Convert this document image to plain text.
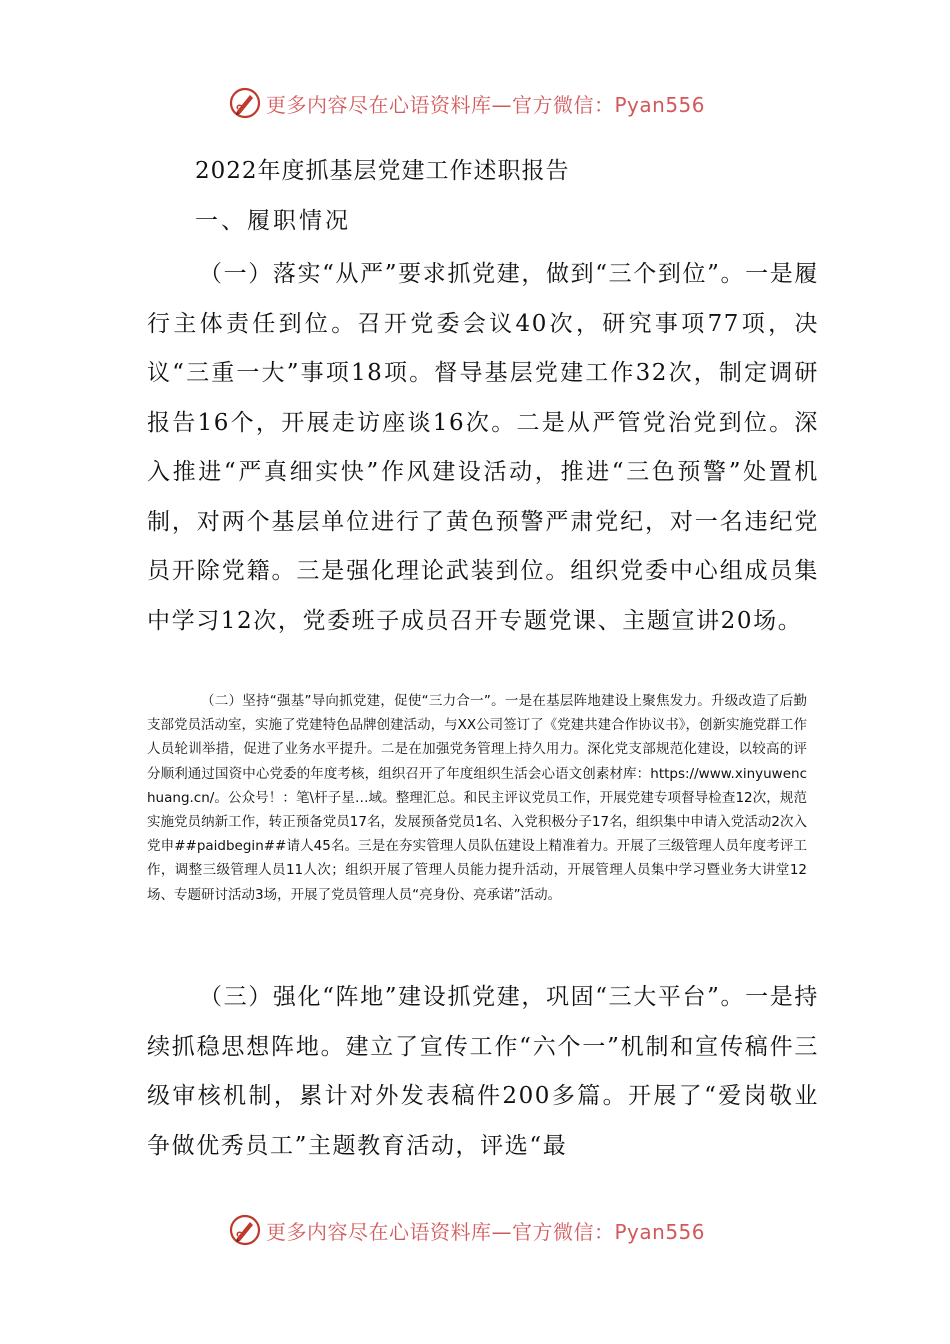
更多内容尽在心语资料库—官方微信：Pyan556
2022年度抓基层党建工作述职报告
一、履职情况

（一）落实“从严”要求抓党建，做到“三个到位”。一是履行主体责任到位。召开党委会议40次，研究事项77项，决议“三重一大”事项18项。督导基层党建工作32次，制定调研报告16个，开展走访座谈16次。二是从严管党治党到位。深入推进“严真细实快”作风建设活动，推进“三色预警”处置机制，对两个基层单位进行了黄色预警严肃党纪，对一名违纪党员开除党籍。三是强化理论武装到位。组织党委中心组成员集中学习12次，党委班子成员召开专题党课、主题宣讲20场。

（二）坚持“强基”导向抓党建，促使“三力合一”。一是在基层阵地建设上聚焦发力。升级改造了后勤支部党员活动室，实施了党建特色品牌创建活动，与XX公司签订了《党建共建合作协议书》，创新实施党群工作人员轮训举措，促进了业务水平提升。二是在加强党务管理上持久用力。深化党支部规范化建设，以较高的评分顺利通过国资中心党委的年度考核，组织召开了年度组织生活会心语文创素材库：https://www.xinyuwenchuang.cn/。公众号！：笔\杆子星…域。整理汇总。和民主评议党员工作，开展党建专项督导检查12次，规范实施党员纳新工作，转正预备党员17名，发展预备党员1名、入党积极分子17名，组织集中申请入党活动2次入党申##paidbegin##请人45名。三是在夯实管理人员队伍建设上精准着力。开展了三级管理人员年度考评工作，调整三级管理人员11人次；组织开展了管理人员能力提升活动，开展管理人员集中学习暨业务大讲堂12场、专题研讨活动3场，开展了党员管理人员“亮身份、亮承诺”活动。

（三）强化“阵地”建设抓党建，巩固“三大平台”。一是持续抓稳思想阵地。建立了宣传工作“六个一”机制和宣传稿件三级审核机制，累计对外发表稿件200多篇。开展了“爱岗敬业争做优秀员工”主题教育活动，评选“最

更多内容尽在心语资料库—官方微信：Pyan556
